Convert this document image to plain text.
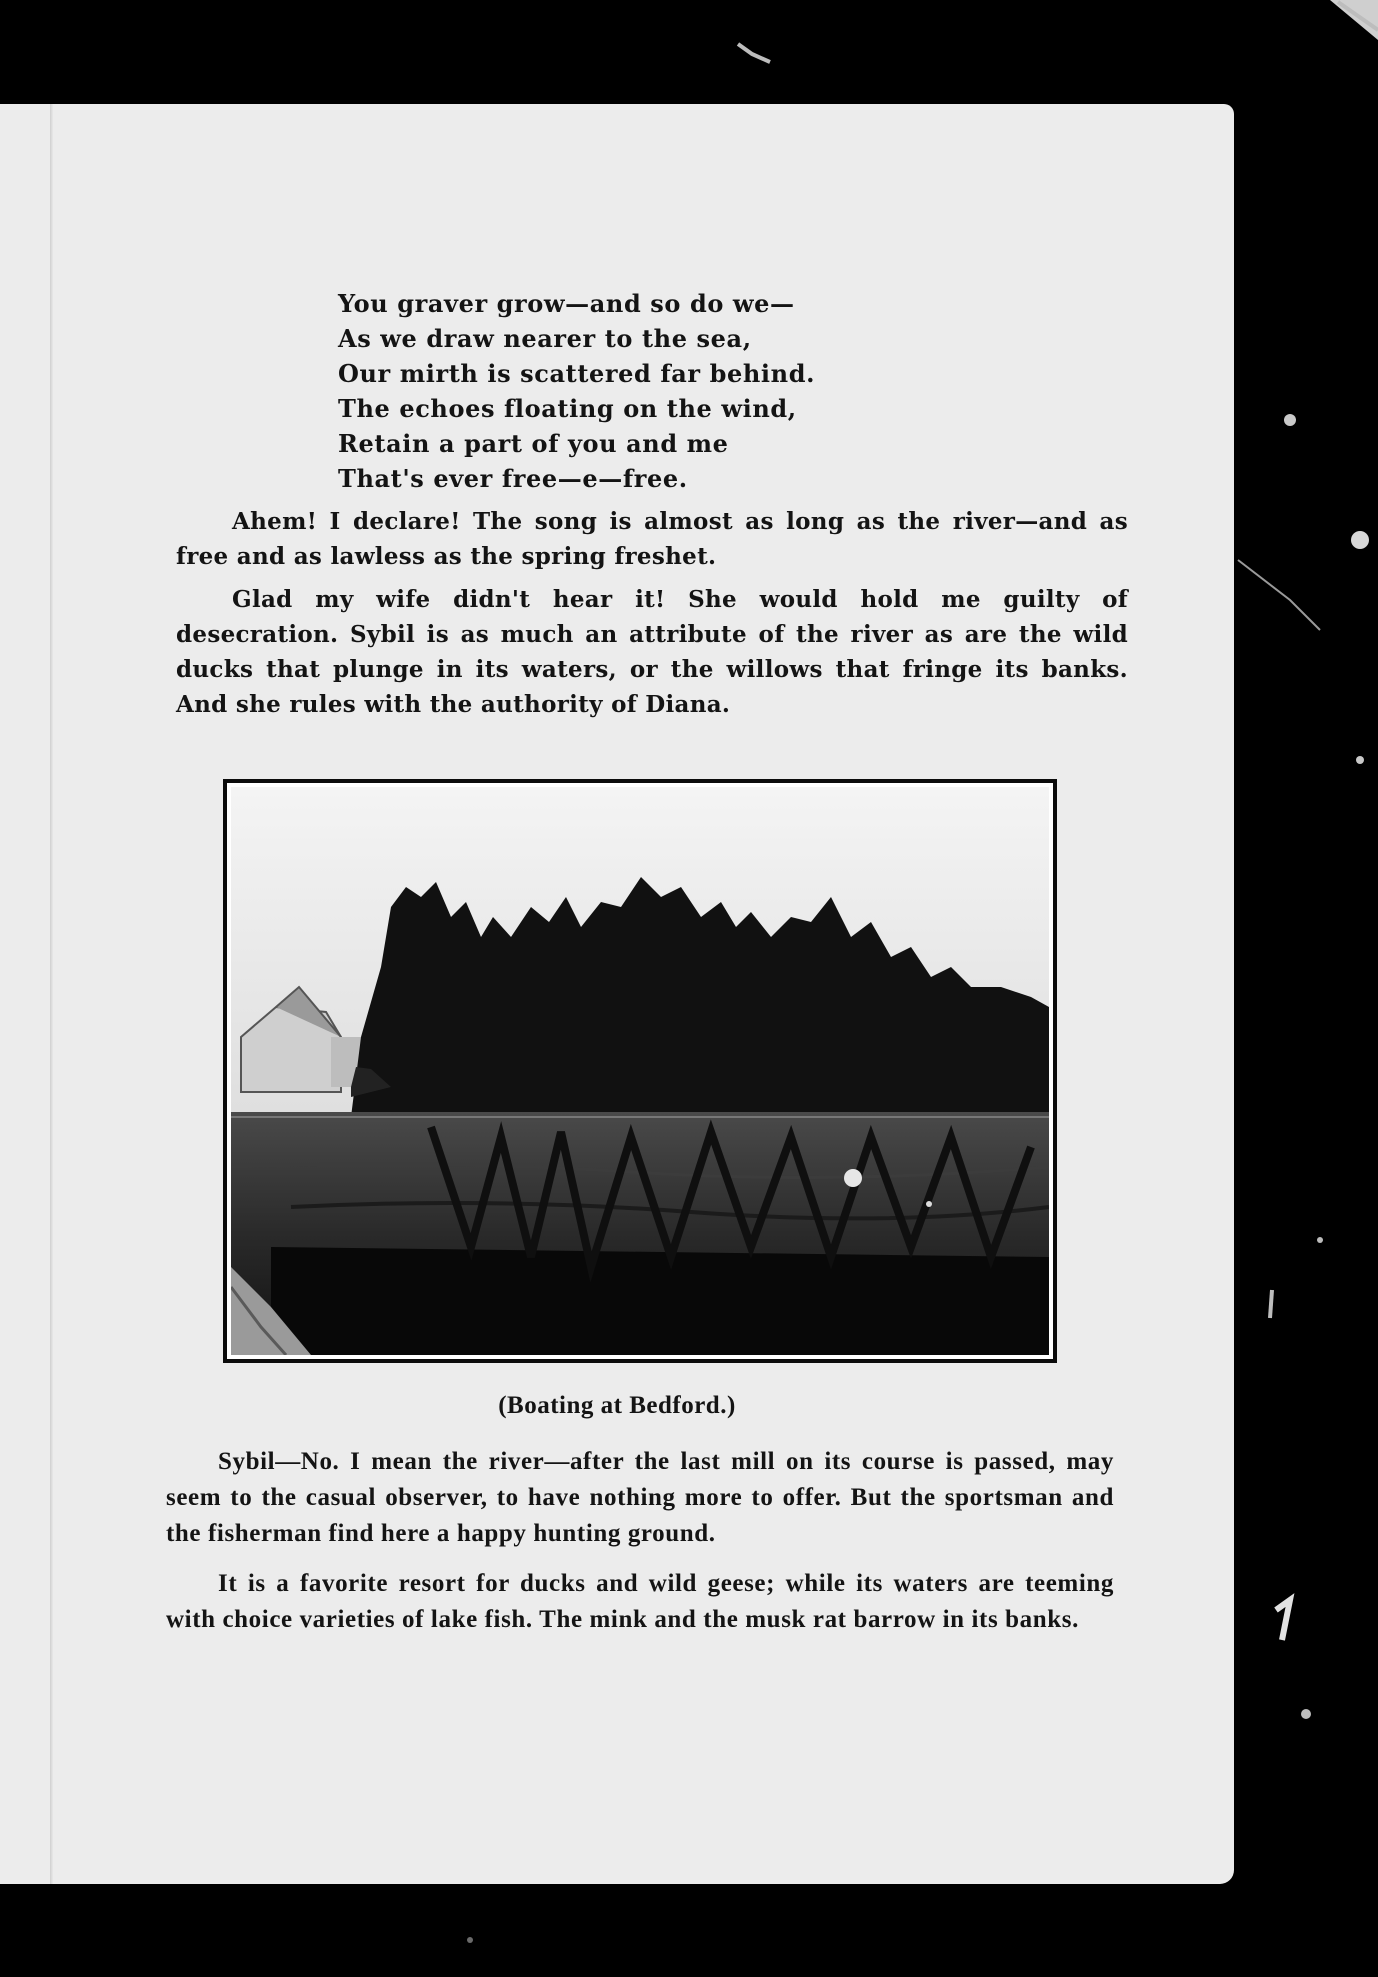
You graver grow—and so do we—
As we draw nearer to the sea,
Our mirth is scattered far behind.
The echoes floating on the wind,
Retain a part of you and me
That's ever free—e—free.

Ahem! I declare! The song is almost as long as the river—and as free and as lawless as the spring freshet.

Glad my wife didn't hear it! She would hold me guilty of desecration. Sybil is as much an attribute of the river as are the wild ducks that plunge in its waters, or the willows that fringe its banks. And she rules with the authority of Diana.

(Boating at Bedford.)

Sybil—No. I mean the river—after the last mill on its course is passed, may seem to the casual observer, to have nothing more to offer. But the sportsman and the fisherman find here a happy hunting ground.

It is a favorite resort for ducks and wild geese; while its waters are teeming with choice varieties of lake fish. The mink and the musk rat barrow in its banks.
